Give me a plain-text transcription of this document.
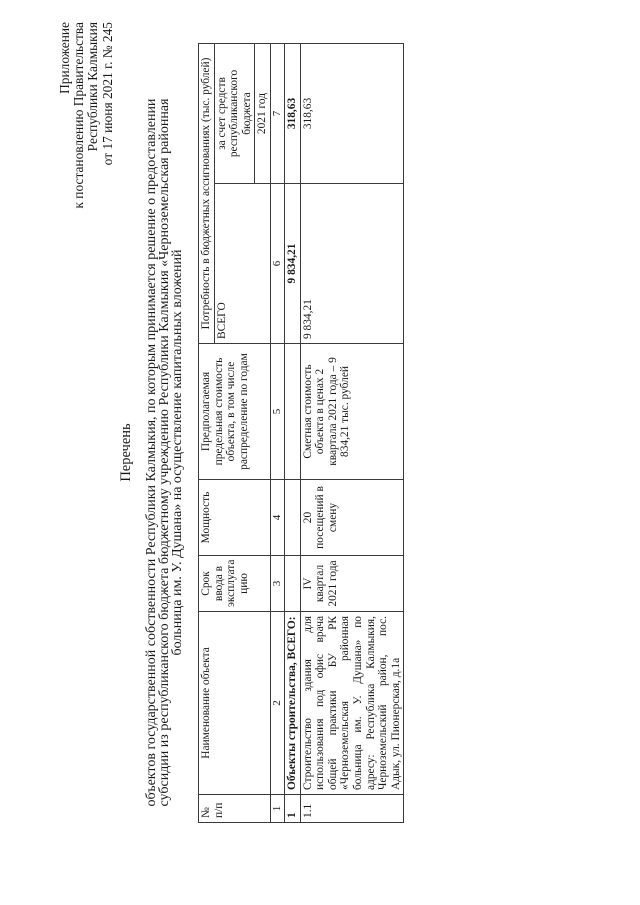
Приложение к постановлению Правительства Республики Калмыкия от 17 июня 2021 г. № 245
Перечень объектов государственной собственности Республики Калмыкия, по которым принимается решение о предоставлении
субсидии из республиканского бюджета бюджетному учреждению Республики Калмыкия «Черноземельская районная
больница им. У. Душана» на осуществление капитальных вложений
№ п/п	Наименование объекта	Срок ввода в эксплуата цию	Мощность	Предполагаемая предельная стоимость объекта, в том числе распределение по годам	Потребность в бюджетных ассигнованиях (тыс. рублей)	
					ВСЕГО	за счет средств республиканского бюджета
						2021 год
1	2	3	4	5	6	7
1	Объекты строительства, ВСЕГО:				9 834,21	318,63
1.1	Строительство здания для использования под офис врача общей практики БУ РК «Черноземельская районная больница им. У. Душана» по адресу: Республика Калмыкия, Черноземельский район, пос. Адык, ул. Пионерская, д.1а	IV квартал 2021 года	20 посещений в смену	Сметная стоимость объекта в ценах 2 квартала 2021 года – 9 834,21 тыс. рублей	9 834,21	318,63
